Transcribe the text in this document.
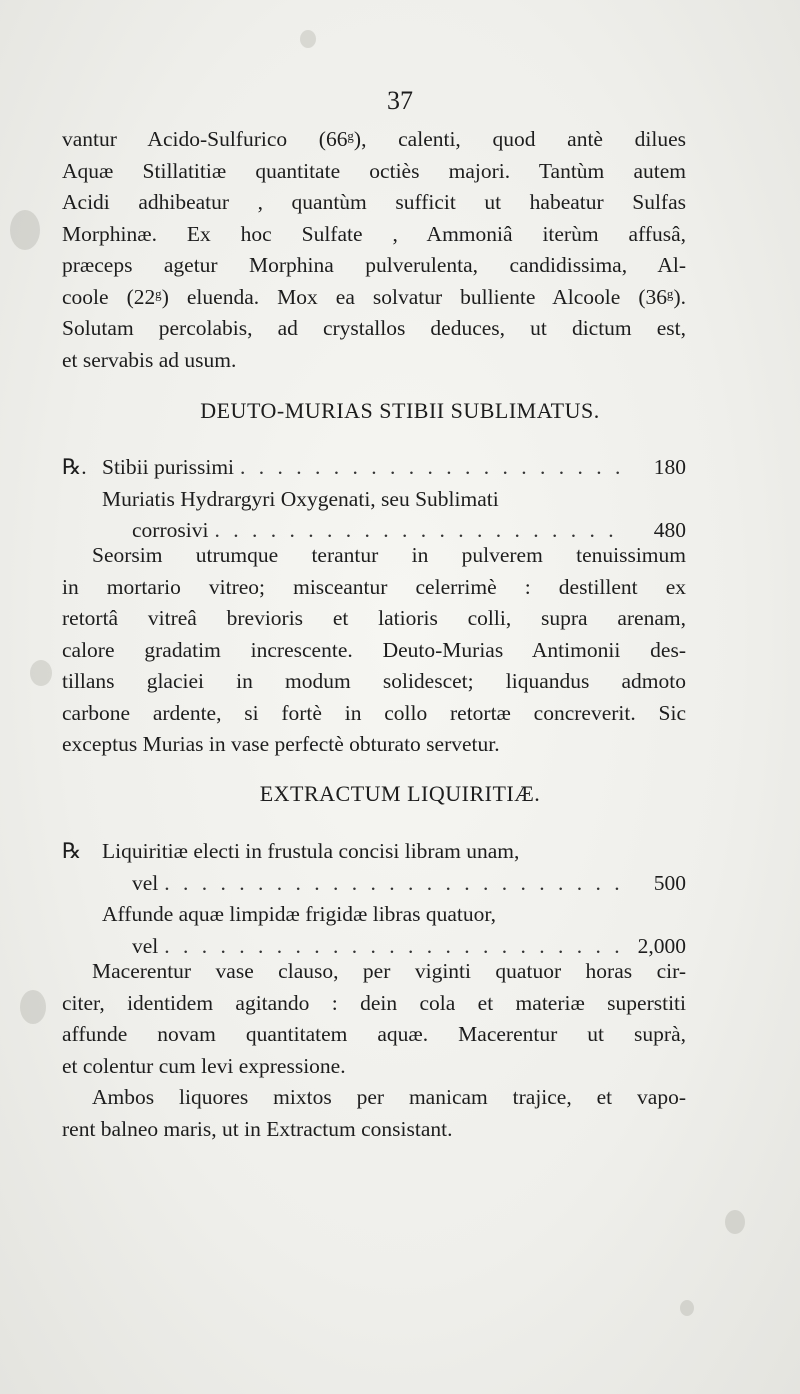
37
vantur Acido-Sulfurico (66ᵍ), calenti, quod antè dilues
Aquæ Stillatitiæ quantitate octiès majori. Tantùm autem
Acidi adhibeatur , quantùm sufficit ut habeatur Sulfas
Morphinæ. Ex hoc Sulfate , Ammoniâ iterùm affusâ,
præceps agetur Morphina pulverulenta, candidissima, Al-
coole (22ᵍ) eluenda. Mox ea solvatur bulliente Alcoole (36ᵍ).
Solutam percolabis, ad crystallos deduces, ut dictum est,
et servabis ad usum.
DEUTO-MURIAS STIBII SUBLIMATUS.
℞. Stibii purissimi . . .	180
Muriatis Hydrargyri Oxygenati, seu Sublimati
corrosivi . . .	480
Seorsim utrumque terantur in pulverem tenuissimum
in mortario vitreo; misceantur celerrimè : destillent ex
retortâ vitreâ brevioris et latioris colli, supra arenam,
calore gradatim increscente. Deuto-Murias Antimonii des-
tillans glaciei in modum solidescet; liquandus admoto
carbone ardente, si fortè in collo retortæ concreverit. Sic
exceptus Murias in vase perfectè obturato servetur.
EXTRACTUM LIQUIRITIÆ.
℞ Liquiritiæ electi in frustula concisi libram unam,
vel . . .	500
Affunde aquæ limpidæ frigidæ libras quatuor,
vel . . .	2,000
Macerentur vase clauso, per viginti quatuor horas cir-
citer, identidem agitando : dein cola et materiæ superstiti
affunde novam quantitatem aquæ. Macerentur ut suprà,
et colentur cum levi expressione.
Ambos liquores mixtos per manicam trajice, et vapo-
rent balneo maris, ut in Extractum consistant.
